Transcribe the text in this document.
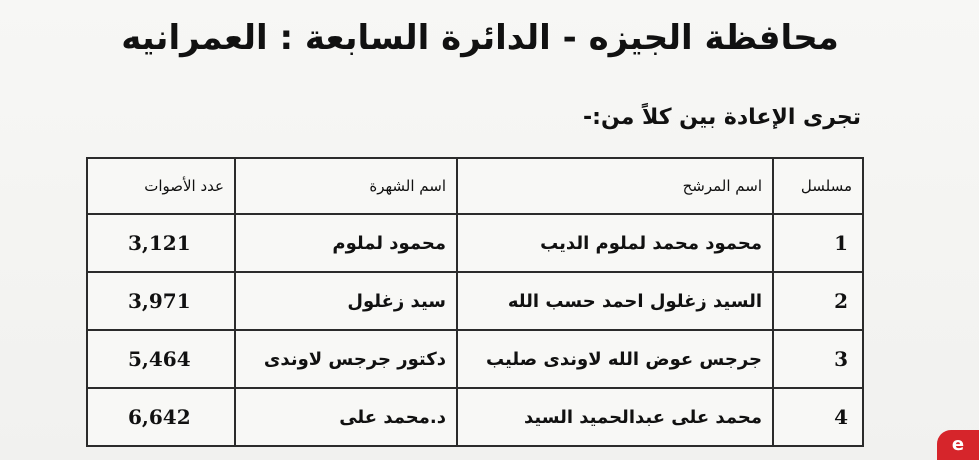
محافظة الجيزه - الدائرة السابعة : العمرانيه
تجرى الإعادة بين كلاً من:-
مسلسل	اسم المرشح	اسم الشهرة	عدد الأصوات
1	محمود محمد لملوم الديب	محمود لملوم	3,121
2	السيد زغلول احمد حسب الله	سيد زغلول	3,971
3	جرجس عوض الله لاوندى صليب	دكتور جرجس لاوندى	5,464
4	محمد على عبدالحميد السيد	د.محمد على	6,642
e
